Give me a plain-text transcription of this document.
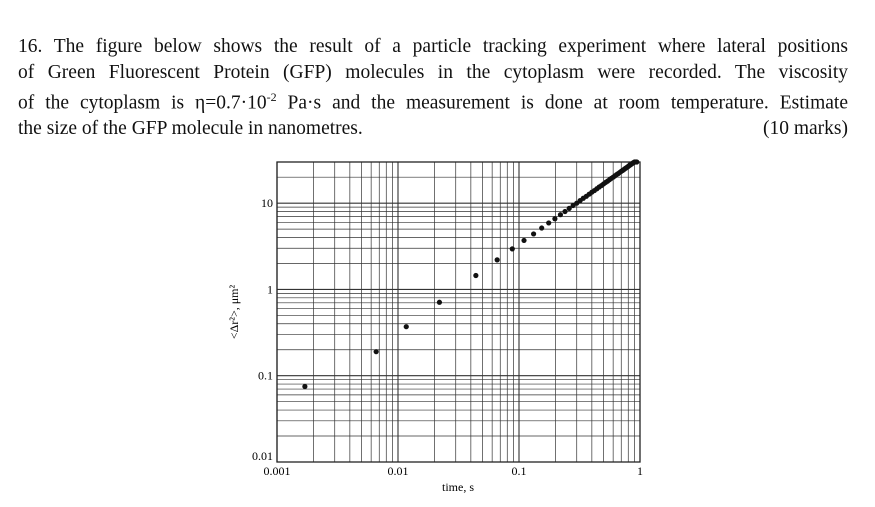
16. The figure below shows the result of a particle tracking experiment where lateral positions
of Green Fluorescent Protein (GFP) molecules in the cytoplasm were recorded. The viscosity
of the cytoplasm is $\eta=0.7\cdot 10^{-2}$ Pa·s and the measurement is done at room temperature. Estimate
the size of the GFP molecule in nanometres.	(10 marks)
0.001	0.01	0.1	1
0.01
0.1
1
10
time, s
<Δr²>, μm²
